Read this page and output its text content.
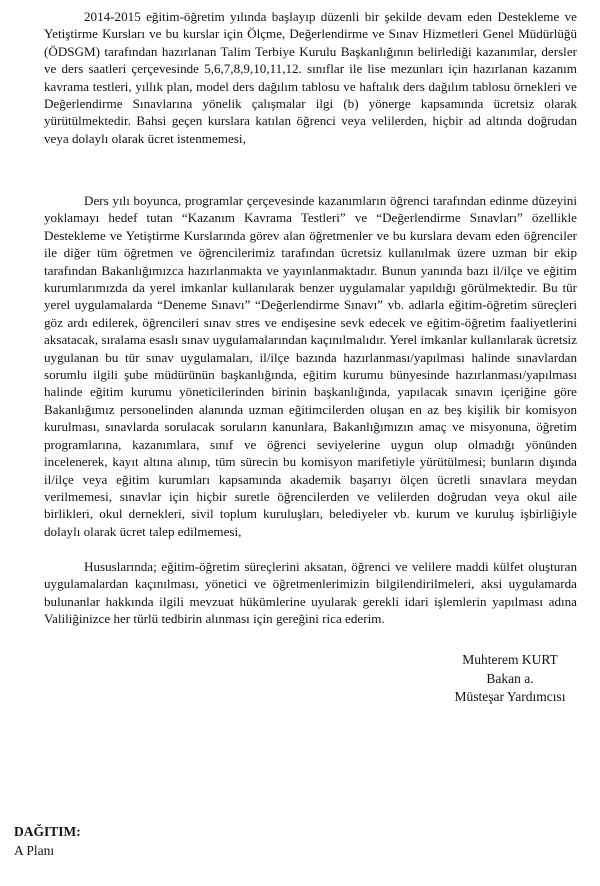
2014-2015 eğitim-öğretim yılında başlayıp düzenli bir şekilde devam eden Destekleme ve Yetiştirme Kursları ve bu kurslar için Ölçme, Değerlendirme ve Sınav Hizmetleri Genel Müdürlüğü (ÖDSGM) tarafından hazırlanan Talim Terbiye Kurulu Başkanlığının belirlediği kazanımlar, dersler ve ders saatleri çerçevesinde 5,6,7,8,9,10,11,12. sınıflar ile lise mezunları için hazırlanan kazanım kavrama testleri, yıllık plan, model ders dağılım tablosu ve haftalık ders dağılım tablosu örnekleri ve Değerlendirme Sınavlarına yönelik çalışmalar ilgi (b) yönerge kapsamında ücretsiz olarak yürütülmektedir. Bahsi geçen kurslara katılan öğrenci veya velilerden, hiçbir ad altında doğrudan veya dolaylı olarak ücret istenmemesi,

Ders yılı boyunca, programlar çerçevesinde kazanımların öğrenci tarafından edinme düzeyini yoklamayı hedef tutan “Kazanım Kavrama Testleri” ve “Değerlendirme Sınavları” özellikle Destekleme ve Yetiştirme Kurslarında görev alan öğretmenler ve bu kurslara devam eden öğrenciler ile diğer tüm öğretmen ve öğrencilerimiz tarafından ücretsiz kullanılmak üzere uzman bir ekip tarafından Bakanlığımızca hazırlanmakta ve yayınlanmaktadır. Bunun yanında bazı il/ilçe ve eğitim kurumlarımızda da yerel imkanlar kullanılarak benzer uygulamalar yapıldığı görülmektedir. Bu tür yerel uygulamalarda “Deneme Sınavı” “Değerlendirme Sınavı” vb. adlarla eğitim-öğretim süreçleri göz ardı edilerek, öğrencileri sınav stres ve endişesine sevk edecek ve eğitim-öğretim faaliyetlerini aksatacak, sıralama esaslı sınav uygulamalarından kaçınılmalıdır. Yerel imkanlar kullanılarak ücretsiz uygulanan bu tür sınav uygulamaları, il/ilçe bazında hazırlanması/yapılması halinde sınavlardan sorumlu ilgili şube müdürünün başkanlığında, eğitim kurumu bünyesinde hazırlanması/yapılması halinde eğitim kurumu yöneticilerinden birinin başkanlığında, yapılacak sınavın içeriğine göre Bakanlığımız personelinden alanında uzman eğitimcilerden oluşan en az beş kişilik bir komisyon kurulması, sınavlarda sorulacak soruların kanunlara, Bakanlığımızın amaç ve misyonuna, öğretim programlarına, kazanımlara, sınıf ve öğrenci seviyelerine uygun olup olmadığı yönünden incelenerek, kayıt altına alınıp, tüm sürecin bu komisyon marifetiyle yürütülmesi; bunların dışında il/ilçe veya eğitim kurumları kapsamında akademik başarıyı ölçen ücretli sınavlara meydan verilmemesi, sınavlar için hiçbir suretle öğrencilerden ve velilerden doğrudan veya okul aile birlikleri, okul dernekleri, sivil toplum kuruluşları, belediyeler vb. kurum ve kuruluş işbirliğiyle dolaylı olarak ücret talep edilmemesi,

Hususlarında; eğitim-öğretim süreçlerini aksatan, öğrenci ve velilere maddi külfet oluşturan uygulamalardan kaçınılması, yönetici ve öğretmenlerimizin bilgilendirilmeleri, aksi uygulamarda bulunanlar hakkında ilgili mevzuat hükümlerine uyularak gerekli idari işlemlerin yapılması adına Valiliğinizce her türlü tedbirin alınması için gereğini rica ederim.

Muhterem KURT
Bakan a.
Müsteşar Yardımcısı
DAĞITIM:
A Planı
